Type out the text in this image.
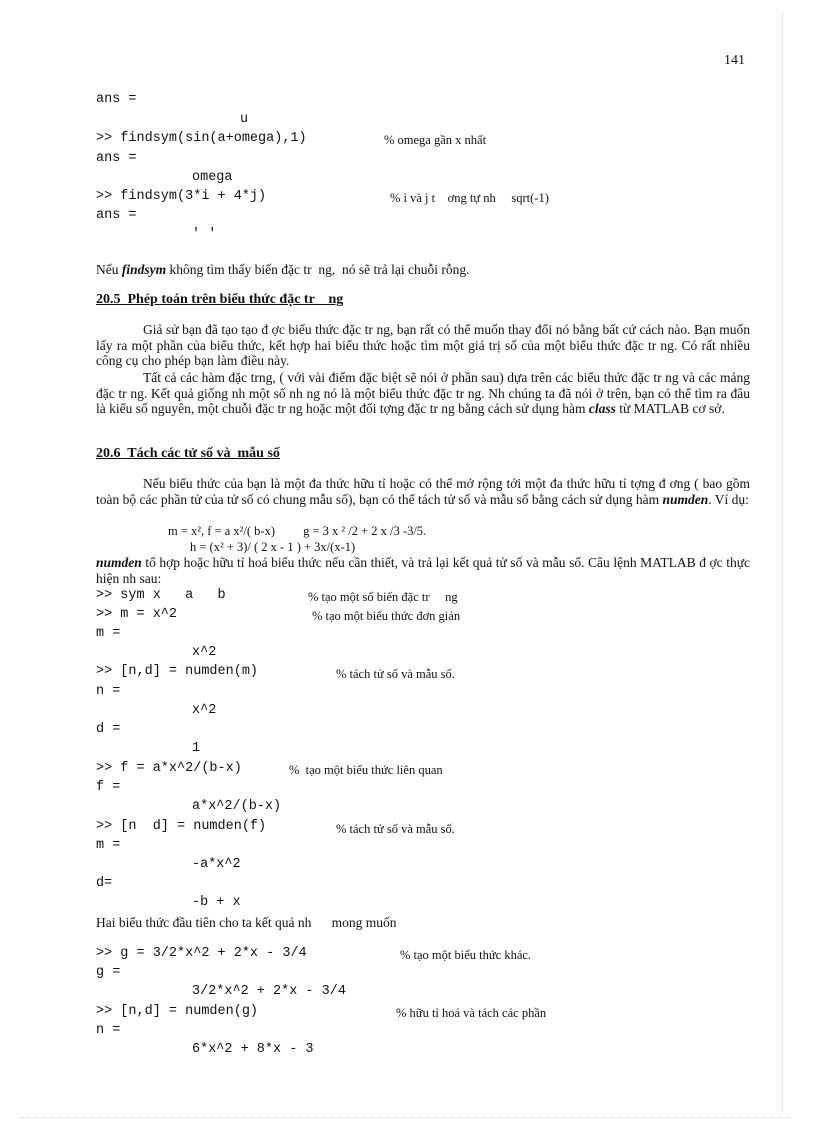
141
ans =
u
>> findsym(sin(a+omega),1)	% omega gần x nhất
ans =
omega
>> findsym(3*i + 4*j)	% i và j t    ơng tự nh     sqrt(-1)
ans =
' '
Nếu findsym không tìm thấy biến đặc tr  ng,  nó sẽ trả lại chuỗi rỗng.
20.5  Phép toán trên biểu thức đặc tr    ng
Giả sử bạn đã tạo tạo đ ợc biểu thức đặc tr ng, bạn rất có thể muốn thay đổi nó bằng bất cứ cách nào. Bạn muốn lấy ra một phần của biểu thức, kết hợp hai biểu thức hoặc tìm một giá trị số của một biểu thức đặc tr ng. Có rất nhiều công cụ cho phép bạn làm điều này.
Tất cả các hàm đặc trng, ( với vài điểm đặc biệt sẽ nói ở phần sau) dựa trên các biểu thức đặc tr ng và các mảng đặc tr ng. Kết quả giống nh một số nh ng nó là một biểu thức đặc tr ng. Nh chúng ta đã nói ở trên, bạn có thể tìm ra đâu là kiểu số nguyên, một chuỗi đặc tr ng hoặc một đối tợng đặc tr ng bằng cách sử dụng hàm class từ MATLAB cơ sở.
20.6  Tách các tử số và  mẫu số
Nếu biểu thức của bạn là một đa thức hữu tỉ hoặc có thể mở rộng tới một đa thức hữu tỉ tợng đ ơng ( bao gồm toàn bộ các phần tử của tử số có chung mẫu số), bạn có thể tách tử số và mẫu số bằng cách sử dụng hàm numden. Ví dụ:
m = x², f = a x²/( b-x)         g = 3 x ² /2 + 2 x /3 -3/5.
h = (x² + 3)/ ( 2 x - 1 ) + 3x/(x-1)
numden tổ hợp hoặc hữu tỉ hoá biểu thức nếu cần thiết, và trả lại kết quả tử số và mẫu số. Câu lệnh MATLAB đ ợc thực hiện nh sau:
>> sym x   a   b	% tạo một số biến đặc tr     ng
>> m = x^2	% tạo một biểu thức đơn giản
m =
x^2
>> [n,d] = numden(m)	% tách tử số và mẫu số.
n =
x^2
d =
1
>> f = a*x^2/(b-x)	%  tạo một biểu thức liên quan
f =
a*x^2/(b-x)
>> [n  d] = numden(f)	% tách tử số và mẫu số.
m =
-a*x^2
d=
-b + x
Hai biểu thức đầu tiên cho ta kết quả nh      mong muốn
>> g = 3/2*x^2 + 2*x - 3/4	% tạo một biểu thức khác.
g =
3/2*x^2 + 2*x - 3/4
>> [n,d] = numden(g)	% hữu tỉ hoá và tách các phần
n =
6*x^2 + 8*x - 3
